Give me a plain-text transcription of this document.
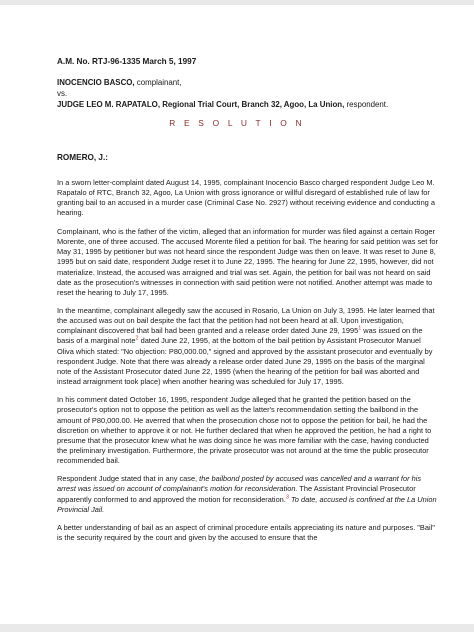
A.M. No. RTJ-96-1335 March 5, 1997
INOCENCIO BASCO, complainant,
vs.
JUDGE LEO M. RAPATALO, Regional Trial Court, Branch 32, Agoo, La Union, respondent.
R E S O L U T I O N
ROMERO, J.:

In a sworn letter-complaint dated August 14, 1995, complainant Inocencio Basco charged respondent Judge Leo M. Rapatalo of RTC, Branch 32, Agoo, La Union with gross ignorance or willful disregard of established rule of law for granting bail to an accused in a murder case (Criminal Case No. 2927) without receiving evidence and conducting a hearing.

Complainant, who is the father of the victim, alleged that an information for murder was filed against a certain Roger Morente, one of three accused. The accused Morente filed a petition for bail. The hearing for said petition was set for May 31, 1995 by petitioner but was not heard since the respondent Judge was then on leave. It was reset to June 8, 1995 but on said date, respondent Judge reset it to June 22, 1995. The hearing for June 22, 1995, however, did not materialize. Instead, the accused was arraigned and trial was set. Again, the petition for bail was not heard on said date as the prosecution's witnesses in connection with said petition were not notified. Another attempt was made to reset the hearing to July 17, 1995.

In the meantime, complainant allegedly saw the accused in Rosario, La Union on July 3, 1995. He later learned that the accused was out on bail despite the fact that the petition had not been heard at all. Upon investigation, complainant discovered that bail had been granted and a release order dated June 29, 1995$^1$ was issued on the basis of a marginal note$^2$ dated June 22, 1995, at the bottom of the bail petition by Assistant Prosecutor Manuel Oliva which stated: "No objection: P80,000.00," signed and approved by the assistant prosecutor and eventually by respondent Judge. Note that there was already a release order dated June 29, 1995 on the basis of the marginal note of the Assistant Prosecutor dated June 22, 1995 (when the hearing of the petition for bail was aborted and instead arraignment took place) when another hearing was scheduled for July 17, 1995.

In his comment dated October 16, 1995, respondent Judge alleged that he granted the petition based on the prosecutor's option not to oppose the petition as well as the latter's recommendation setting the bailbond in the amount of P80,000.00. He averred that when the prosecution chose not to oppose the petition for bail, he had the discretion on whether to approve it or not. He further declared that when he approved the petition, he had a right to presume that the prosecutor knew what he was doing since he was more familiar with the case, having conducted the preliminary investigation. Furthermore, the private prosecutor was not around at the time the public prosecutor recommended bail.

Respondent Judge stated that in any case, the bailbond posted by accused was cancelled and a warrant for his arrest was issued on account of complainant's motion for reconsideration. The Assistant Provincial Prosecutor apparently conformed to and approved the motion for reconsideration.$^3$ To date, accused is confined at the La Union Provincial Jail.

A better understanding of bail as an aspect of criminal procedure entails appreciating its nature and purposes. "Bail" is the security required by the court and given by the accused to ensure that the
